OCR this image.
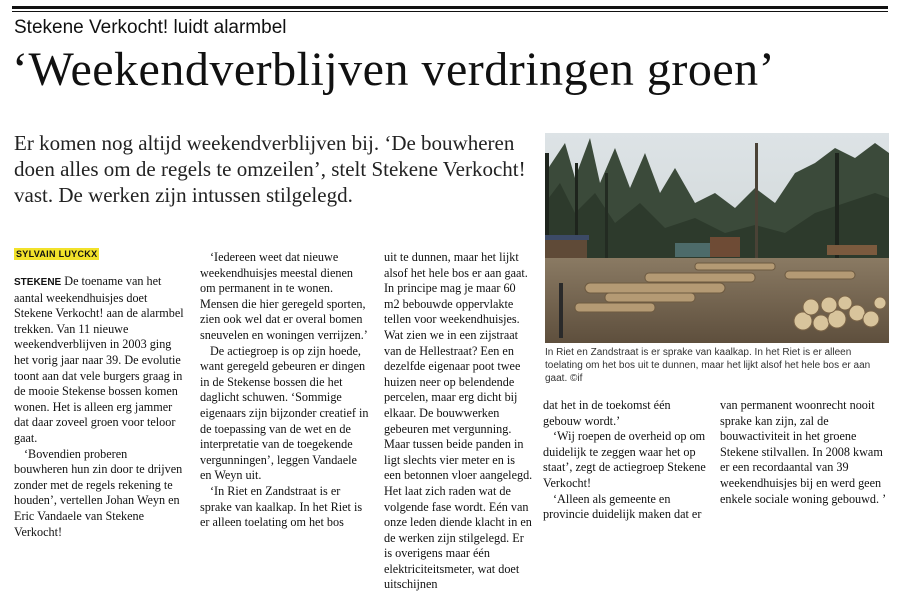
Stekene Verkocht! luidt alarmbel
‘Weekendverblijven verdringen groen’
Er komen nog altijd weekendverblijven bij. ‘De bouwheren doen alles om de regels te omzeilen’, stelt Stekene Verkocht! vast. De werken zijn intussen stilgelegd.
SYLVAIN LUYCKX

STEKENE De toename van het aantal weekendhuisjes doet Stekene Verkocht! aan de alarmbel trekken. Van 11 nieuwe weekendverblijven in 2003 ging het vorig jaar naar 39. De evolutie toont aan dat vele burgers graag in de mooie Stekense bossen komen wonen. Het is alleen erg jammer dat daar zoveel groen voor teloor gaat.

‘Bovendien proberen bouwheren hun zin door te drijven zonder met de regels rekening te houden’, vertellen Johan Weyn en Eric Vandaele van Stekene Verkocht!

‘Iedereen weet dat nieuwe weekendhuisjes meestal dienen om permanent in te wonen. Mensen die hier geregeld sporten, zien ook wel dat er overal bomen sneuvelen en woningen verrijzen.’

De actiegroep is op zijn hoede, want geregeld gebeuren er dingen in de Stekense bossen die het daglicht schuwen. ‘Sommige eigenaars zijn bijzonder creatief in de toepassing van de wet en de interpretatie van de toegekende vergunningen’, leggen Vandaele en Weyn uit.

‘In Riet en Zandstraat is er sprake van kaalkap. In het Riet is er alleen toelating om het bos

uit te dunnen, maar het lijkt alsof het hele bos er aan gaat. In principe mag je maar 60 m2 bebouwde oppervlakte tellen voor weekendhuisjes. Wat zien we in een zijstraat van de Hellestraat? Een en dezelfde eigenaar poot twee huizen neer op belendende percelen, maar erg dicht bij elkaar. De bouwwerken gebeuren met vergunning. Maar tussen beide panden in ligt slechts vier meter en is een betonnen vloer aangelegd. Het laat zich raden wat de volgende fase wordt. Eén van onze leden diende klacht in en de werken zijn stilgelegd. Er is overigens maar één elektriciteitsmeter, wat doet uitschijnen

In Riet en Zandstraat is er sprake van kaalkap. In het Riet is er alleen toelating om het bos uit te dunnen, maar het lijkt alsof het hele bos er aan gaat. ©if

dat het in de toekomst één gebouw wordt.’

‘Wij roepen de overheid op om duidelijk te zeggen waar het op staat’, zegt de actiegroep Stekene Verkocht!

‘Alleen als gemeente en provincie duidelijk maken dat er

van permanent woonrecht nooit sprake kan zijn, zal de bouwactiviteit in het groene Stekene stilvallen. In 2008 kwam er een recordaantal van 39 weekendhuisjes bij en werd geen enkele sociale woning gebouwd. ’
